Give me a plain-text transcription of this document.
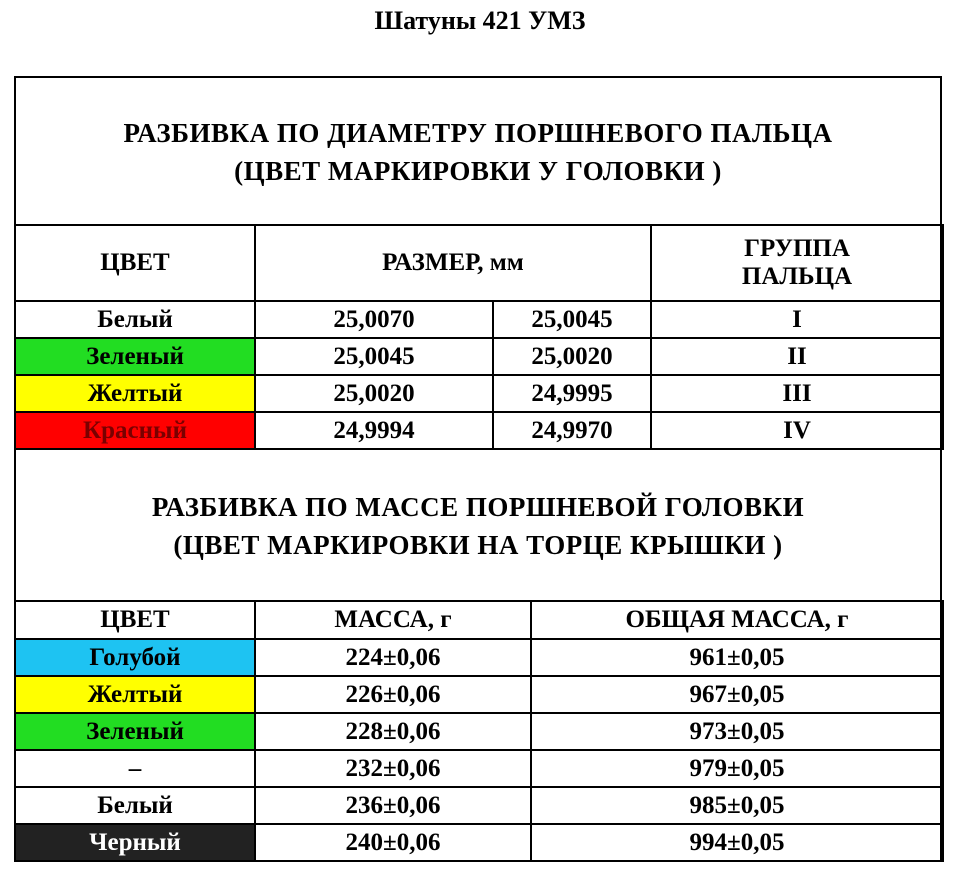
Шатуны 421 УМЗ
РАЗБИВКА ПО ДИАМЕТРУ ПОРШНЕВОГО ПАЛЬЦА
(ЦВЕТ МАРКИРОВКИ У ГОЛОВКИ )
ЦВЕТ	РАЗМЕР, мм		ГРУППА
ПАЛЬЦА
Белый	25,0070	25,0045	I
Зеленый	25,0045	25,0020	II
Желтый	25,0020	24,9995	III
Красный	24,9994	24,9970	IV
РАЗБИВКА ПО МАССЕ ПОРШНЕВОЙ ГОЛОВКИ
(ЦВЕТ МАРКИРОВКИ НА ТОРЦЕ КРЫШКИ )
ЦВЕТ	МАССА, г	ОБЩАЯ МАССА, г
Голубой	224±0,06	961±0,05
Желтый	226±0,06	967±0,05
Зеленый	228±0,06	973±0,05
–	232±0,06	979±0,05
Белый	236±0,06	985±0,05
Черный	240±0,06	994±0,05
